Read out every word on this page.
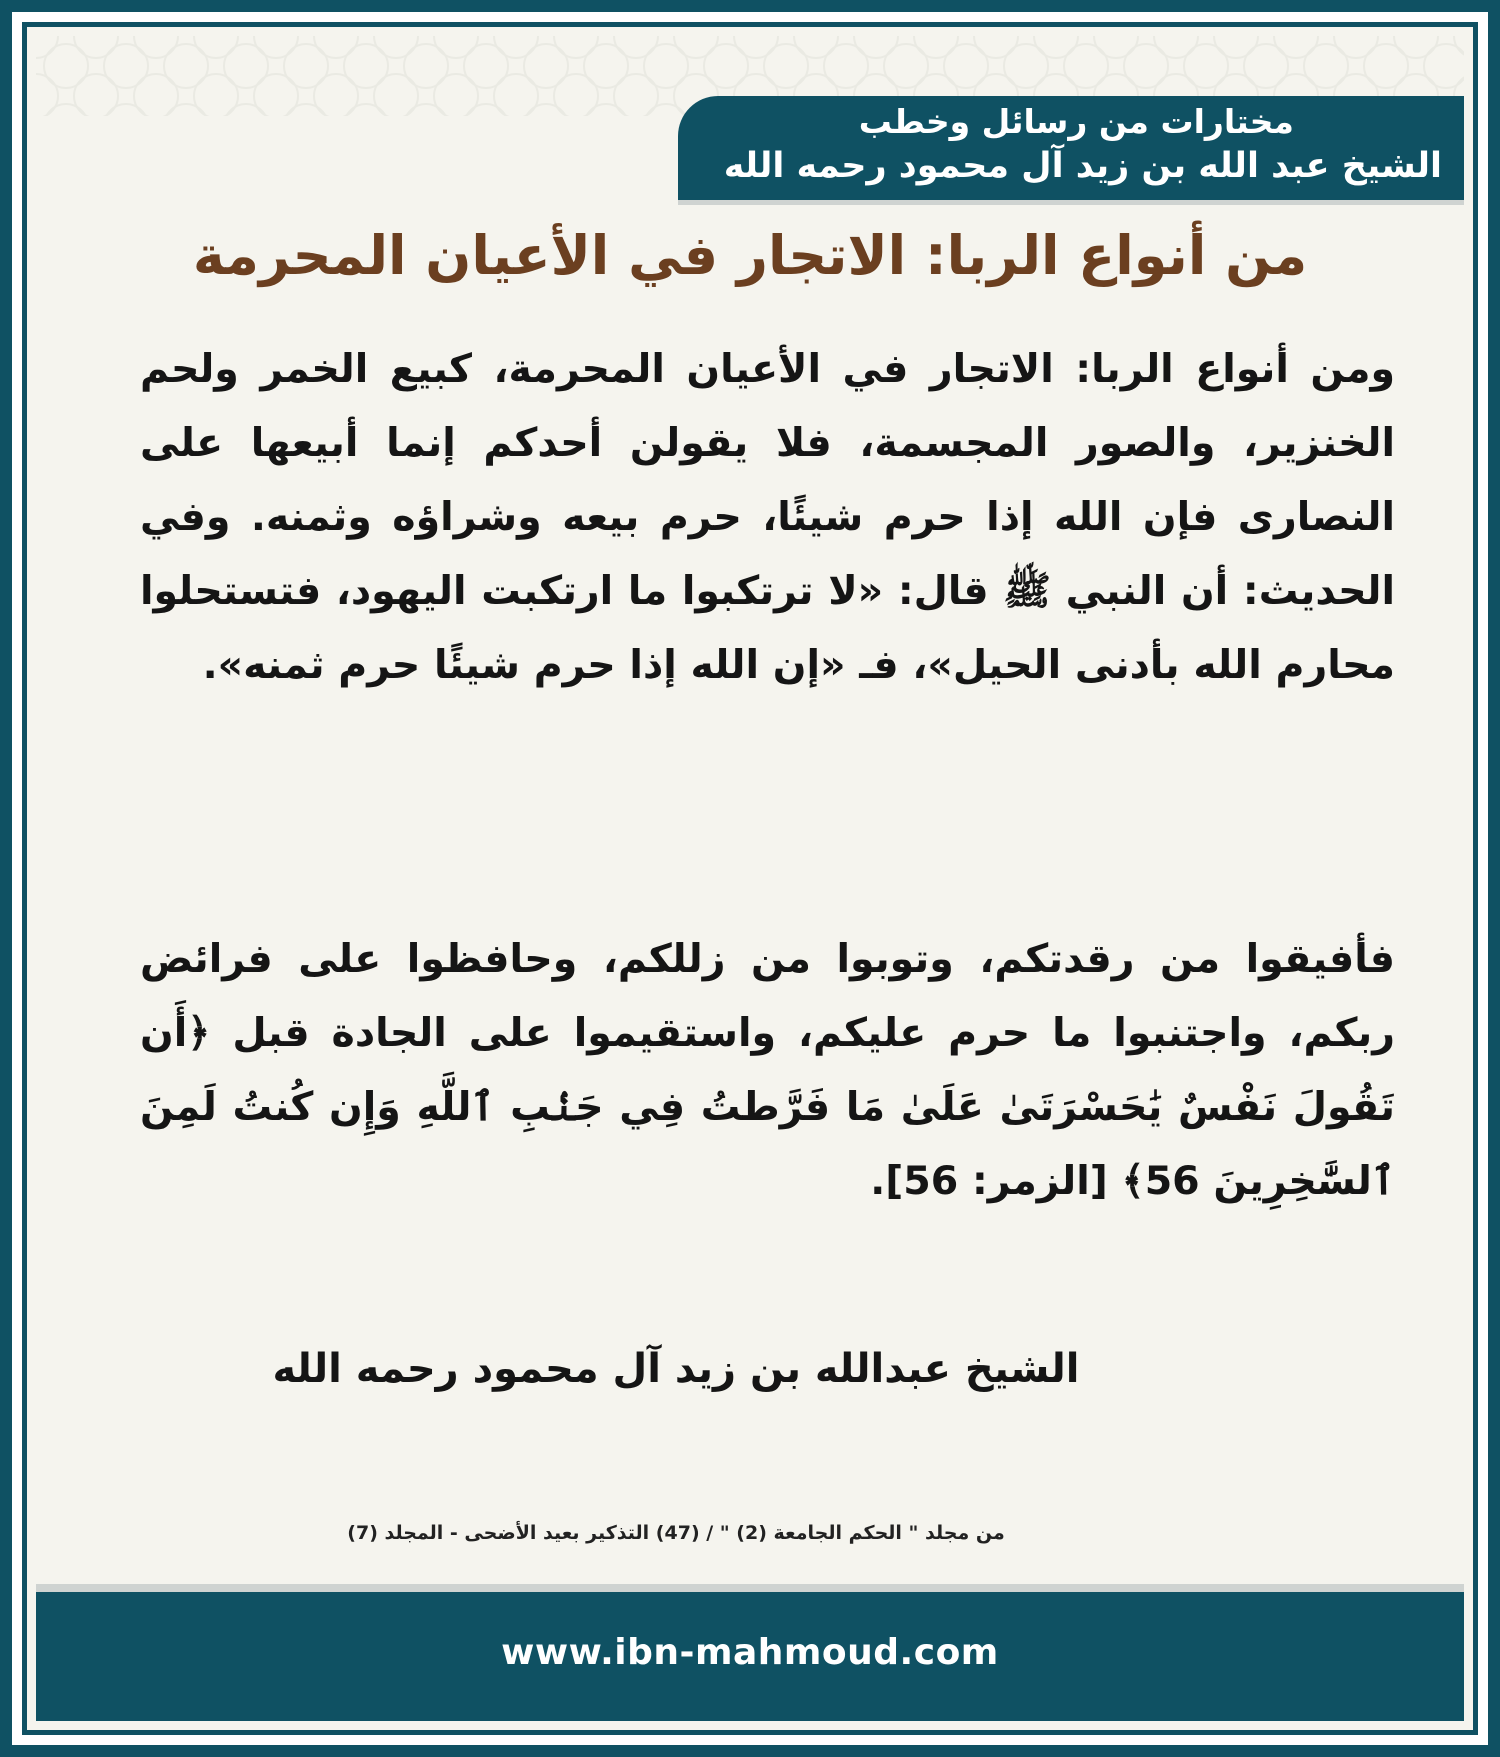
مختارات من رسائل وخطب
الشيخ عبد الله بن زيد آل محمود رحمه الله
من أنواع الربا: الاتجار في الأعيان المحرمة
ومن أنواع الربا: الاتجار في الأعيان المحرمة، كبيع الخمر ولحم الخنزير، والصور المجسمة، فلا يقولن أحدكم إنما أبيعها على النصارى فإن الله إذا حرم شيئًا، حرم بيعه وشراؤه وثمنه. وفي الحديث: أن النبي ﷺ قال: «لا ترتكبوا ما ارتكبت اليهود، فتستحلوا محارم الله بأدنى الحيل»، فـ «إن الله إذا حرم شيئًا حرم ثمنه».
فأفيقوا من رقدتكم، وتوبوا من زللكم، وحافظوا على فرائض ربكم، واجتنبوا ما حرم عليكم، واستقيموا على الجادة قبل ﴿أَن تَقُولَ نَفْسٌ يَٰحَسْرَتَىٰ عَلَىٰ مَا فَرَّطتُ فِي جَنۢبِ ٱللَّهِ وَإِن كُنتُ لَمِنَ ٱلسَّٰخِرِينَ 56﴾ [الزمر: 56].
الشيخ عبدالله بن زيد آل محمود رحمه الله
من مجلد " الحكم الجامعة (2) " / (47) التذكير بعيد الأضحى - المجلد (7)
www.ibn-mahmoud.com
